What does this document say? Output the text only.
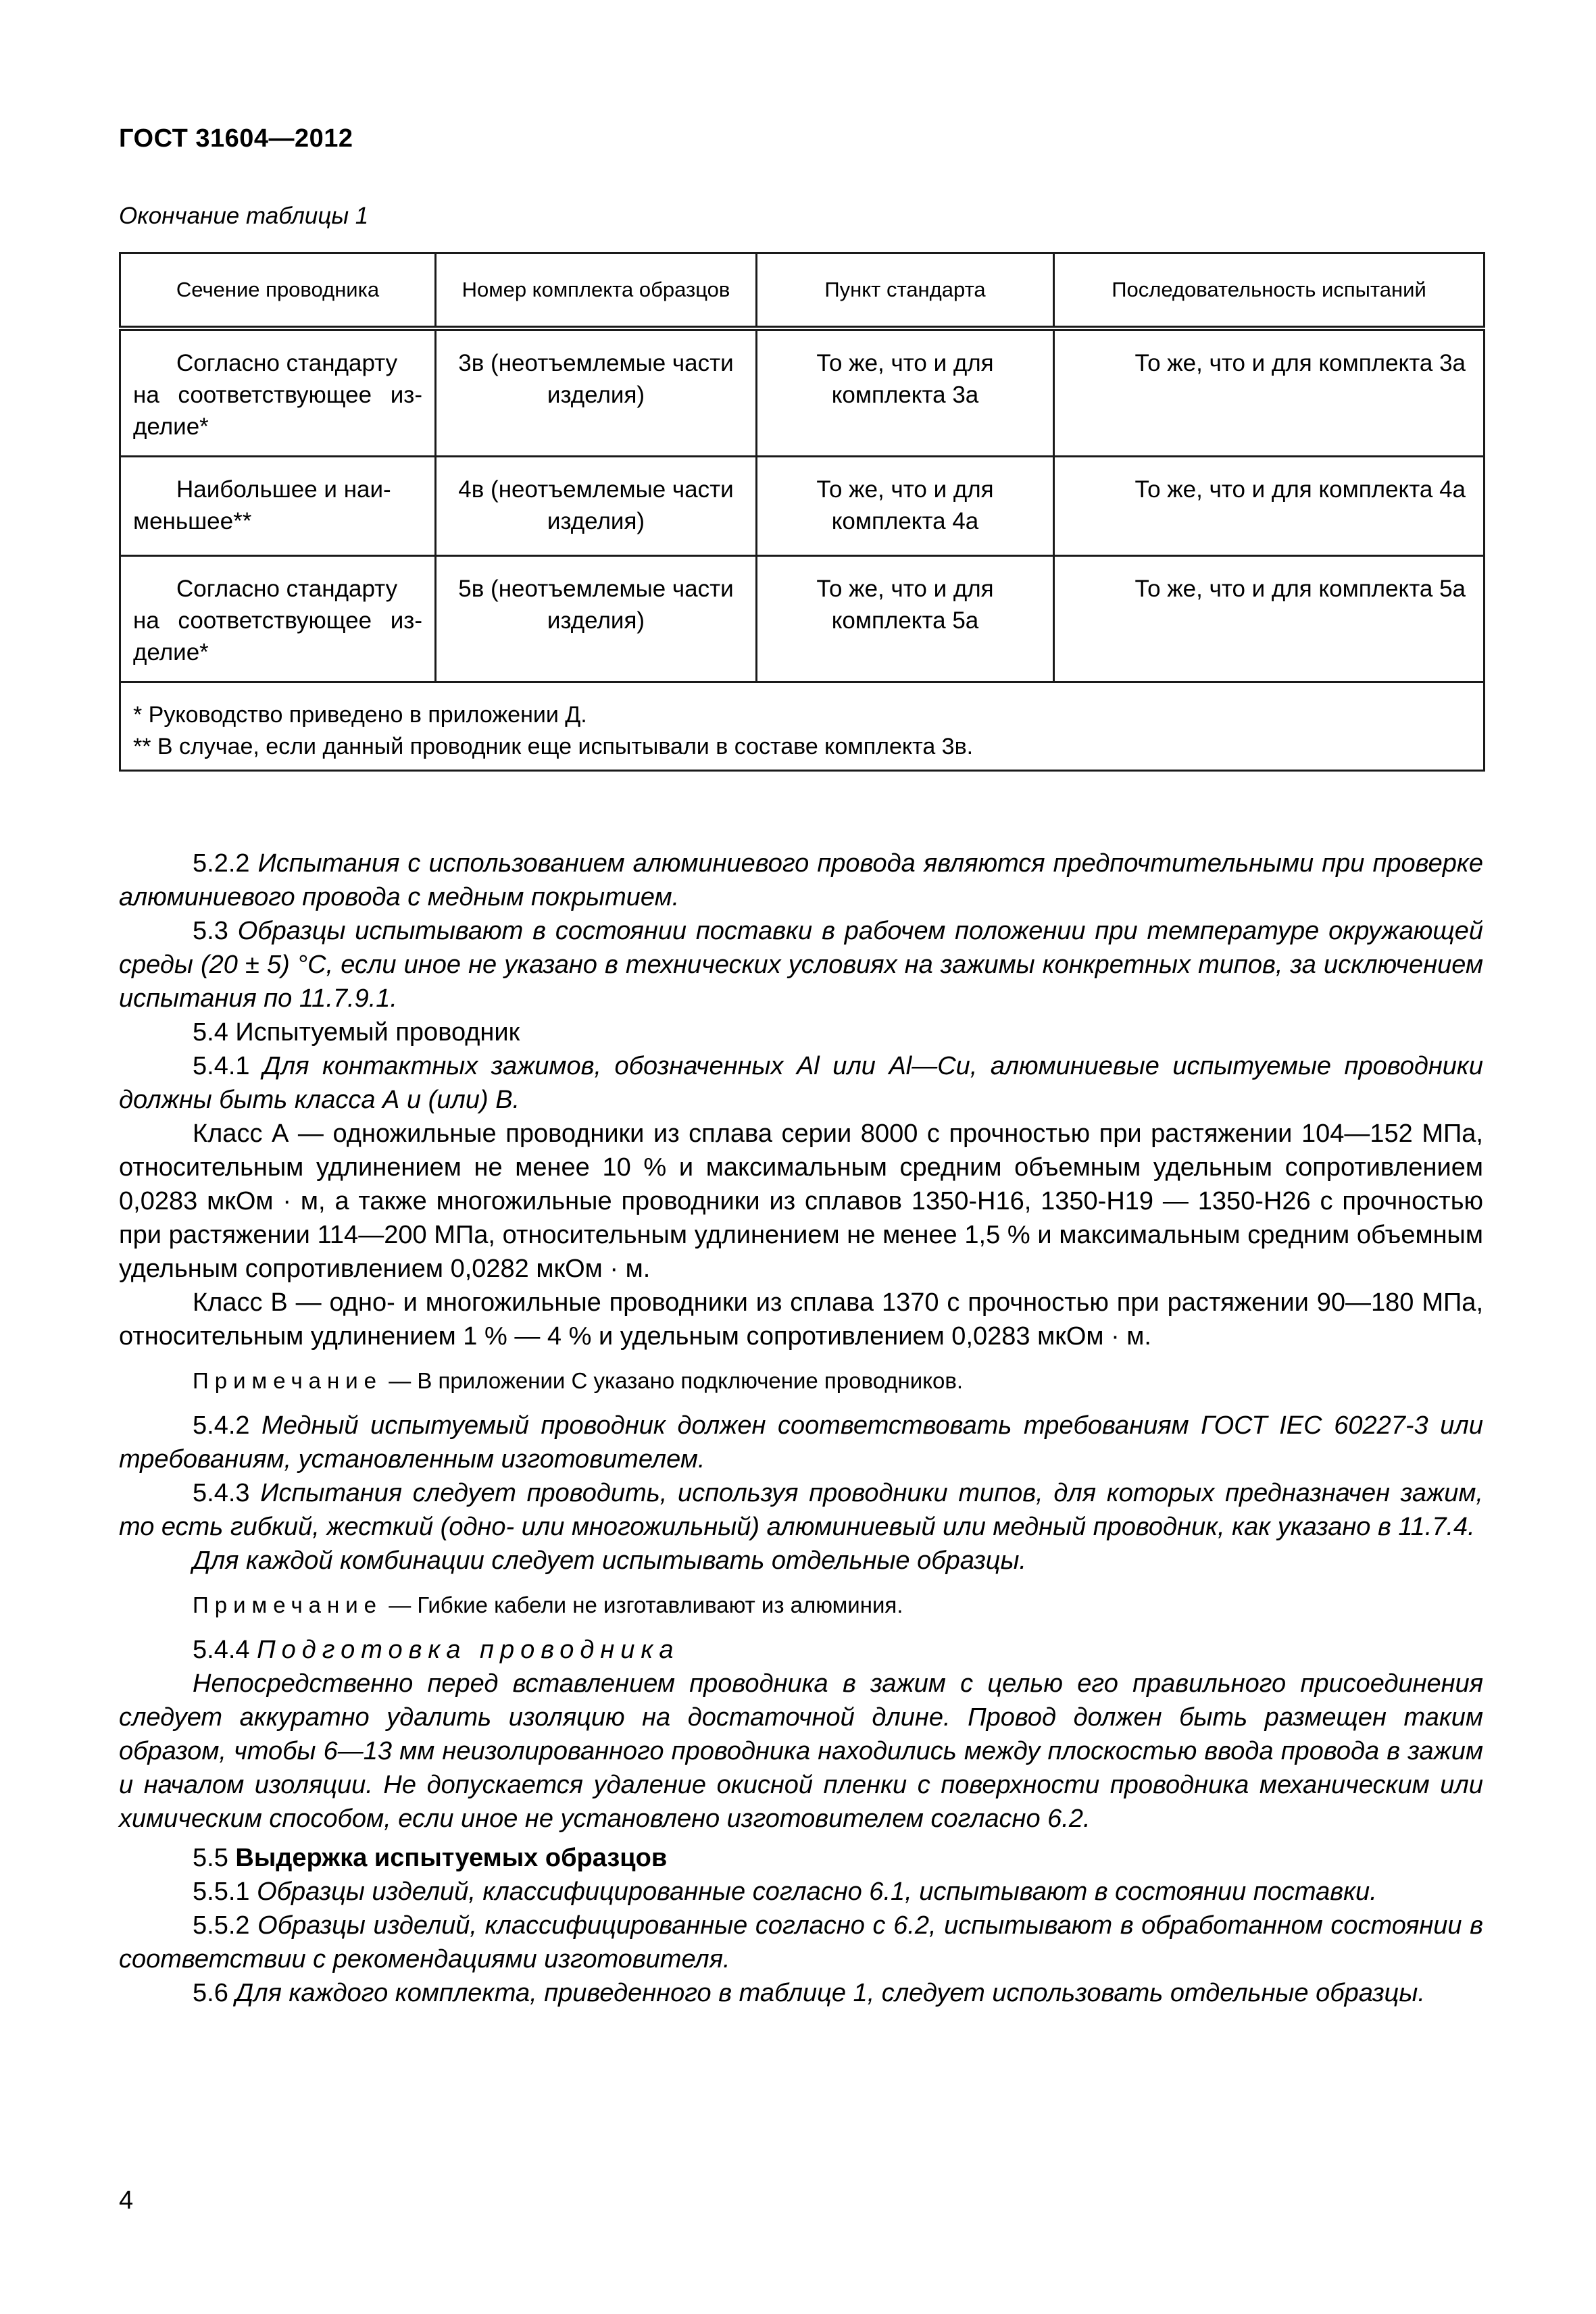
ГОСТ 31604—2012
Окончание таблицы 1
Сечение проводника	Номер комплекта образцов	Пункт стандарта	Последовательность испытаний

Согласно стандарту
на соответствующее из- делие*	3в (неотъемлемые части изделия)	То же, что и для комплекта 3а	То же, что и для комплекта 3а

Наибольшее и наи-
меньшее**	4в (неотъемлемые части изделия)	То же, что и для комплекта 4а	То же, что и для комплекта 4а

Согласно стандарту
на соответствующее из- делие*	5в (неотъемлемые части изделия)	То же, что и для комплекта 5а	То же, что и для комплекта 5а

* Руководство приведено в приложении Д.
** В случае, если данный проводник еще испытывали в составе комплекта 3в.			

5.2.2 Испытания с использованием алюминиевого провода являются предпочтительными при проверке алюминиевого провода с медным покрытием.

5.3 Образцы испытывают в состоянии поставки в рабочем положении при температуре окружающей среды (20 ± 5) °С, если иное не указано в технических условиях на зажимы конкретных типов, за исключением испытания по 11.7.9.1.

5.4 Испытуемый проводник

5.4.1 Для контактных зажимов, обозначенных Al или Al—Cu, алюминиевые испытуемые проводники должны быть класса А и (или) В.

Класс А — одножильные проводники из сплава серии 8000 с прочностью при растяжении 104—152 МПа, относительным удлинением не менее 10 % и максимальным средним объемным удельным сопротивлением 0,0283 мкОм · м, а также многожильные проводники из сплавов 1350-H16, 1350-H19 — 1350-H26 с прочностью при растяжении 114—200 МПа, относительным удлинением не менее 1,5 % и максимальным средним объемным удельным сопротивлением 0,0282 мкОм · м.

Класс В — одно- и многожильные проводники из сплава 1370 с прочностью при растяжении 90—180 МПа, относительным удлинением 1 % — 4 % и удельным сопротивлением 0,0283 мкОм · м.

Примечание — В приложении С указано подключение проводников.

5.4.2 Медный испытуемый проводник должен соответствовать требованиям ГОСТ IEC 60227-3 или требованиям, установленным изготовителем.

5.4.3 Испытания следует проводить, используя проводники типов, для которых предназначен зажим, то есть гибкий, жесткий (одно- или многожильный) алюминиевый или медный проводник, как указано в 11.7.4.

Для каждой комбинации следует испытывать отдельные образцы.

Примечание — Гибкие кабели не изготавливают из алюминия.

5.4.4 Подготовка проводника

Непосредственно перед вставлением проводника в зажим с целью его правильного присоединения следует аккуратно удалить изоляцию на достаточной длине. Провод должен быть размещен таким образом, чтобы 6—13 мм неизолированного проводника находились между плоскостью ввода провода в зажим и началом изоляции. Не допускается удаление окисной пленки с поверхности проводника механическим или химическим способом, если иное не установлено изготовителем согласно 6.2.

5.5 Выдержка испытуемых образцов

5.5.1 Образцы изделий, классифицированные согласно 6.1, испытывают в состоянии поставки.

5.5.2 Образцы изделий, классифицированные согласно с 6.2, испытывают в обработанном состоянии в соответствии с рекомендациями изготовителя.

5.6 Для каждого комплекта, приведенного в таблице 1, следует использовать отдельные образцы.

4
